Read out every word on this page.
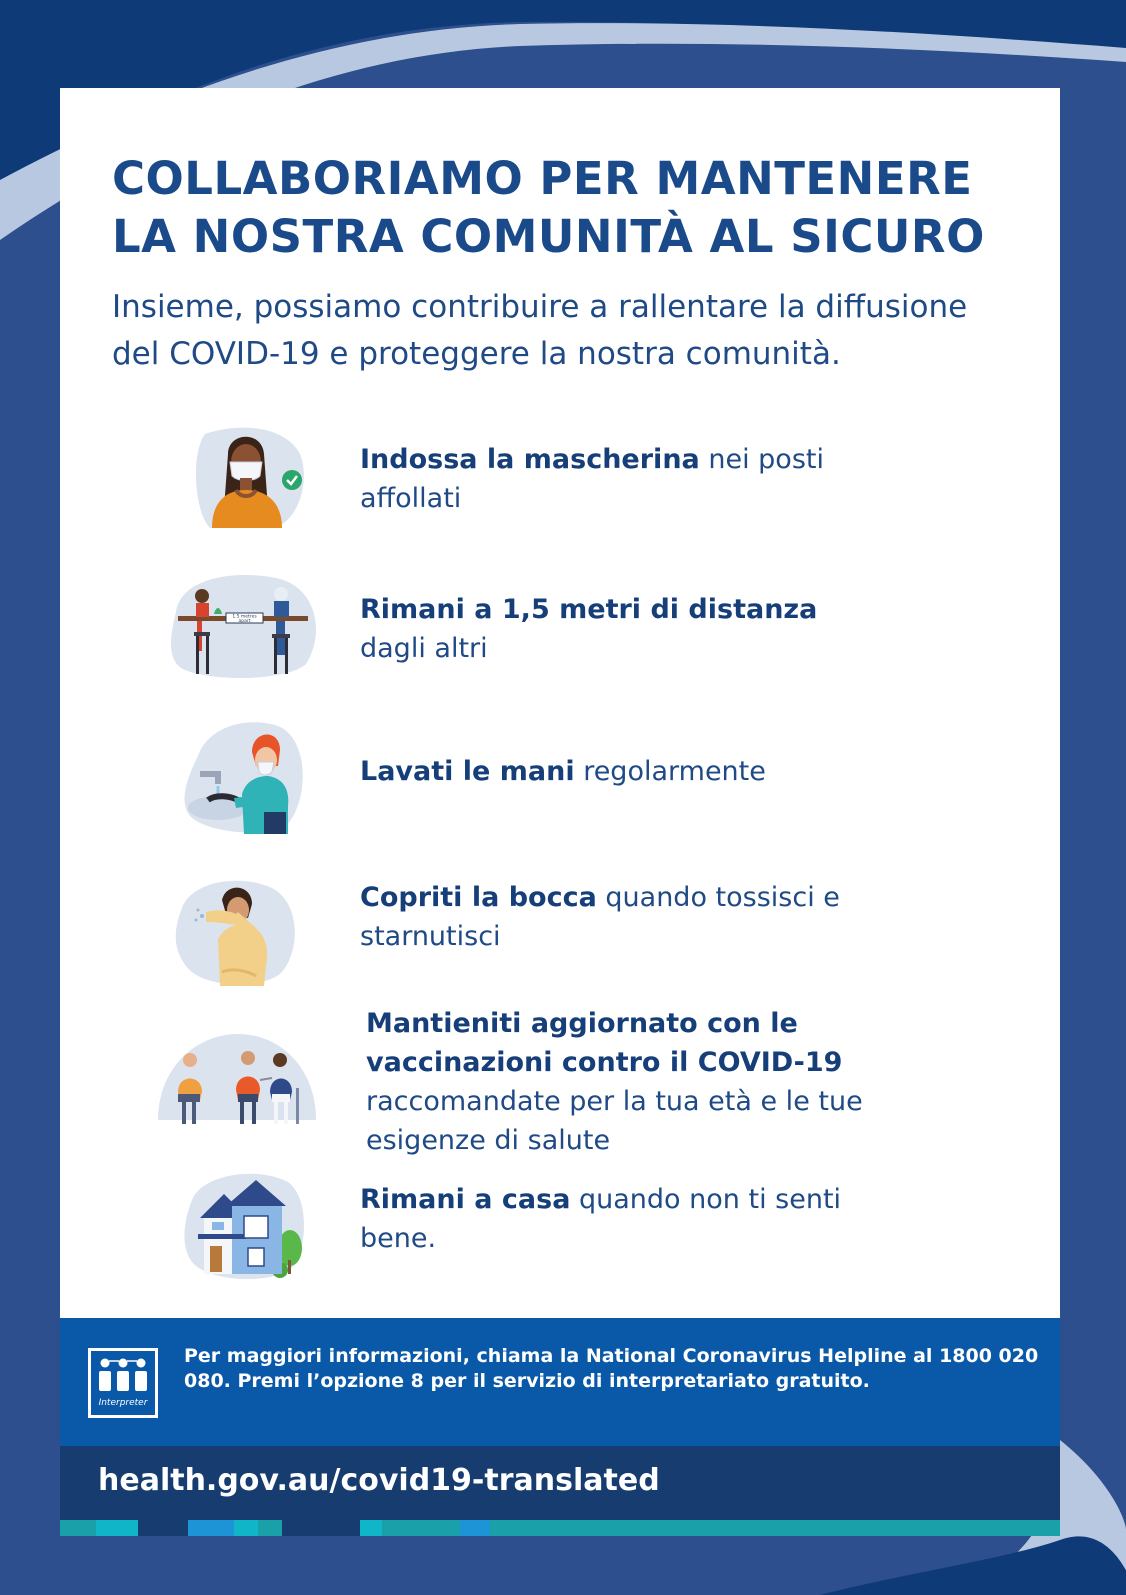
COLLABORIAMO PER MANTENERE
LA NOSTRA COMUNITÀ AL SICURO

Insieme, possiamo contribuire a rallentare la diffusione del COVID-19 e proteggere la nostra comunità.

Indossa la mascherina nei posti affollati

1.5 metres
apart	Rimani a 1,5 metri di distanza
dagli altri

Lavati le mani regolarmente

Copriti la bocca quando tossisci e starnutisci

Mantieniti aggiornato con le vaccinazioni contro il COVID-19 raccomandate per la tua età e le tue esigenze di salute

Rimani a casa quando non ti senti bene.

Interpreter

Per maggiori informazioni, chiama la National Coronavirus Helpline al 1800 020 080. Premi l’opzione 8 per il servizio di interpretariato gratuito.

health.gov.au/covid19-translated
